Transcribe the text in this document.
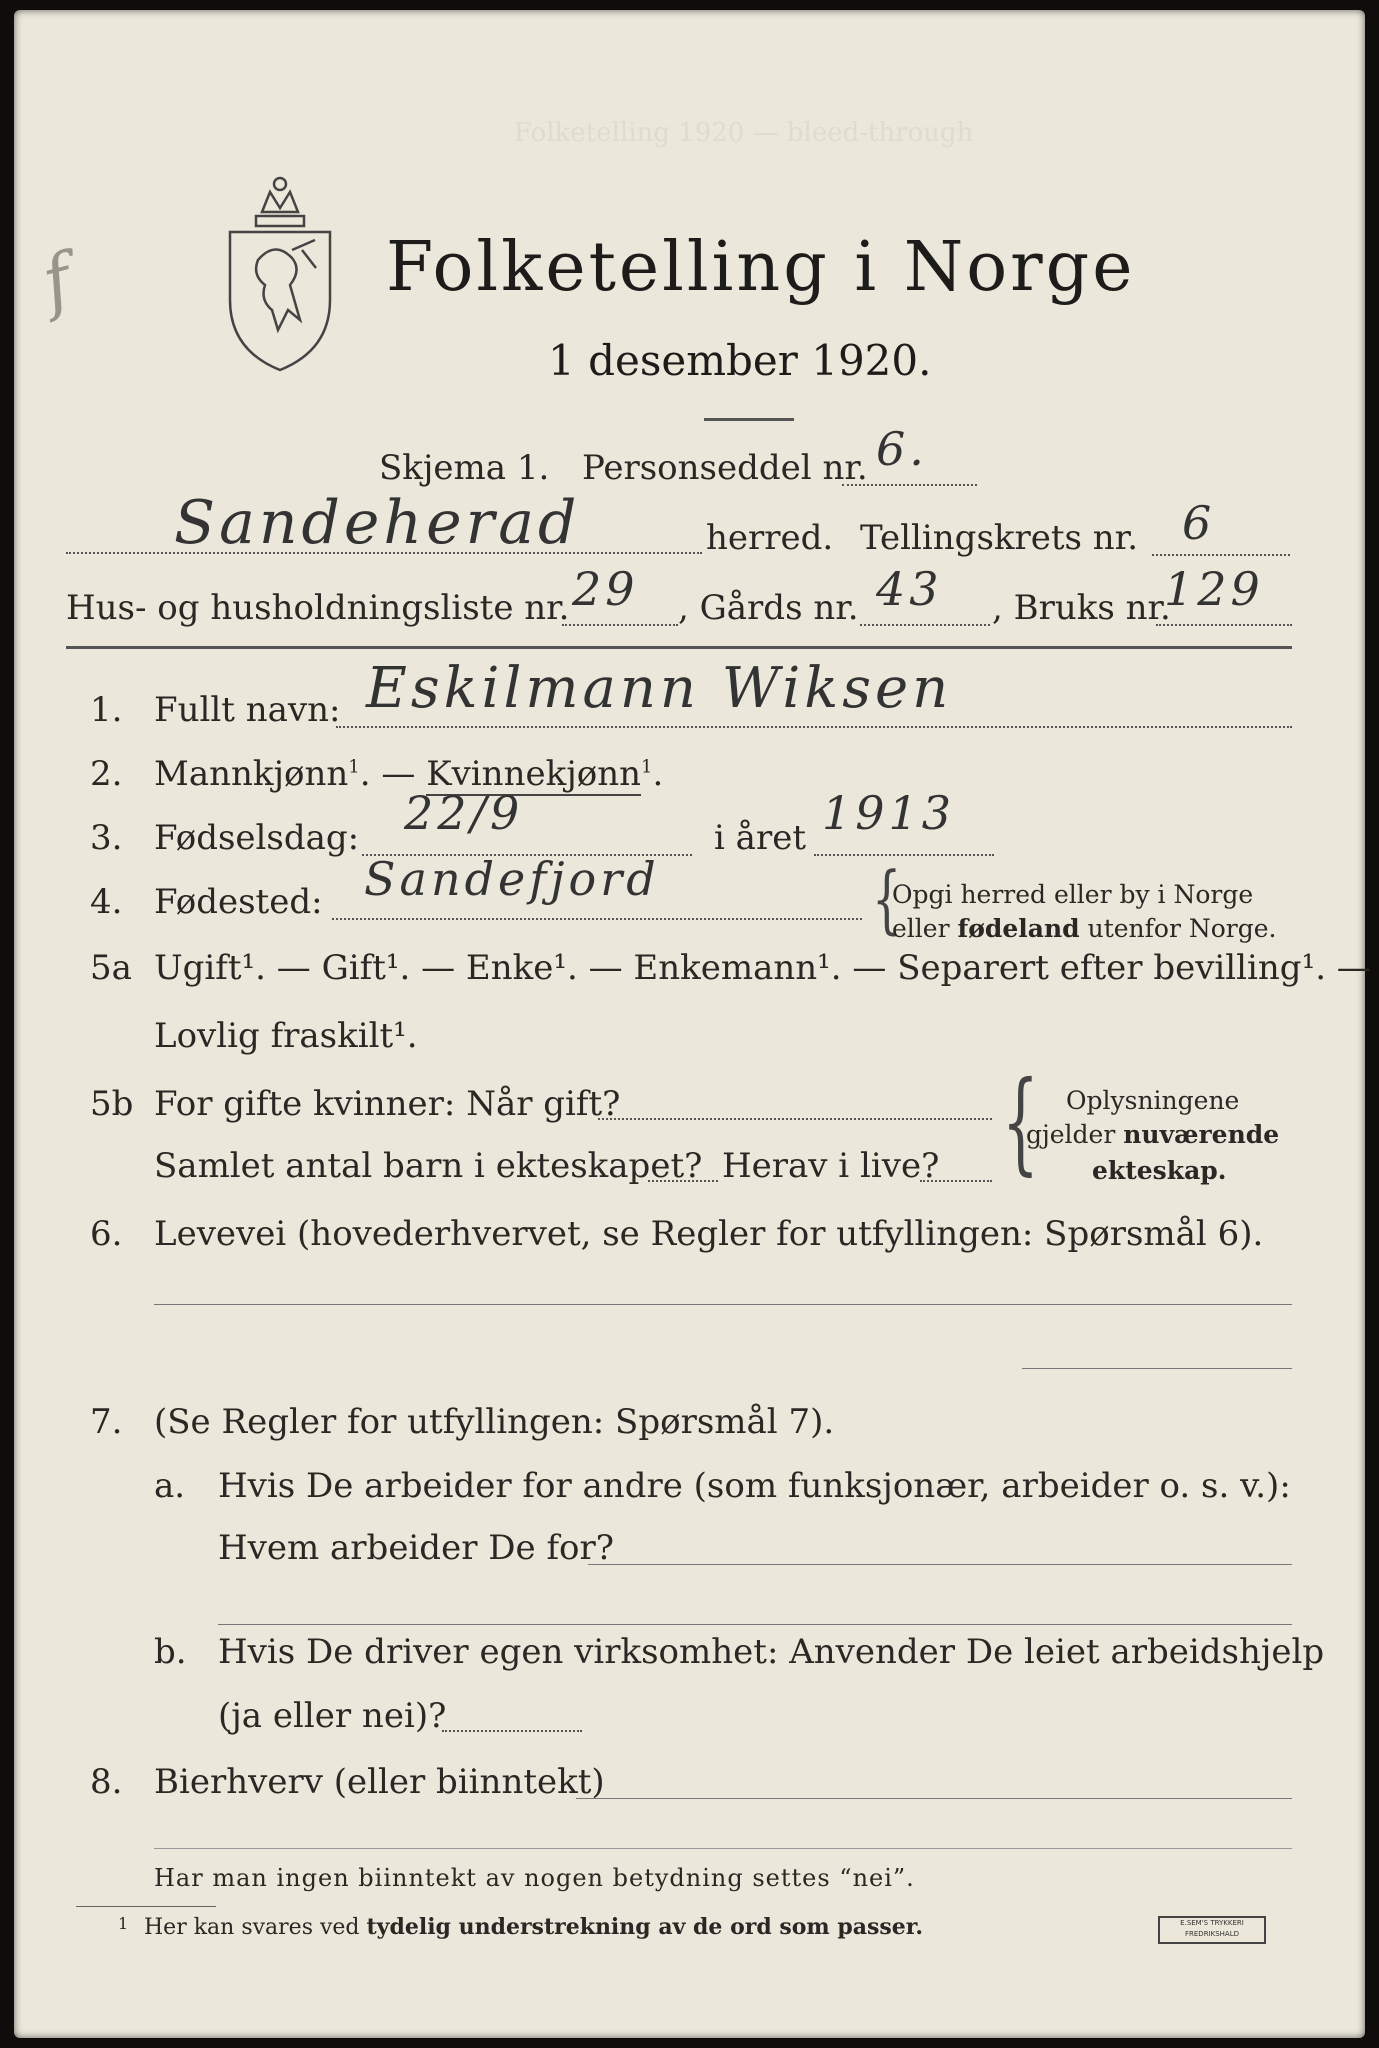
Folketelling 1920 — bleed-through
f	Folketelling i Norge
1 desember 1920.
Skjema 1. Personseddel nr. 6.
Sandeherad	herred. Tellingskrets nr. 6
Hus- og husholdningsliste nr. 29 , Gårds nr. 43 , Bruks nr.
129
1. Fullt navn: Eskilmann Wiksen
2. Mannkjønn$^1$. — Kvinnekjønn$^1$.
3. Fødselsdag: 22/9	i året 1913
4. Fødested: Sandefjord	{
Opgi herred eller by i Norge
eller fødeland utenfor Norge.
5a Ugift¹. — Gift¹. — Enke¹. — Enkemann¹. — Separert efter bevilling¹. —
Lovlig fraskilt¹.
5b For gifte kvinner: Når gift?
Samlet antal barn i ekteskapet? Herav i live? { Oplysningene
gjelder nuværende
ekteskap.
6. Levevei (hovederhvervet, se Regler for utfyllingen: Spørsmål 6).
7. (Se Regler for utfyllingen: Spørsmål 7).
a. Hvis De arbeider for andre (som funksjonær, arbeider o. s. v.):
Hvem arbeider De for?
b. Hvis De driver egen virksomhet: Anvender De leiet arbeidshjelp
(ja eller nei)?
8. Bierhverv (eller biinntekt)
Har man ingen biinntekt av nogen betydning settes “nei”.
1 Her kan svares ved tydelig understrekning av de ord som passer.	E.SEM'S TRYKKERI
FREDRIKSHALD
